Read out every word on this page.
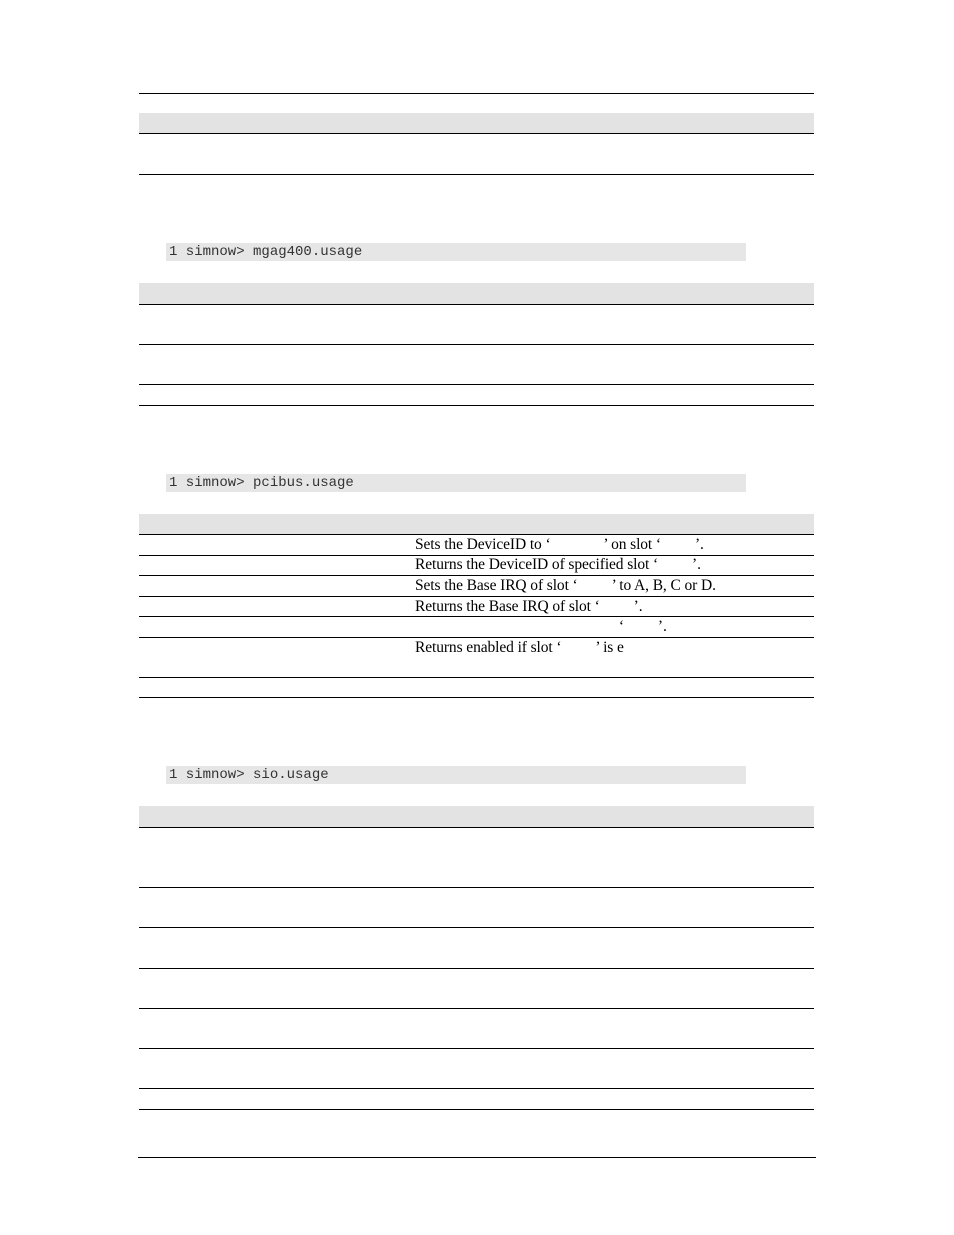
1 simnow> mgag400.usage
1 simnow> pcibus.usage
Sets the DeviceID to ‘              ’ on slot ‘         ’.
Returns the DeviceID of specified slot ‘         ’.
Sets the Base IRQ of slot ‘         ’ to A, B, C or D.
Returns the Base IRQ of slot ‘         ’.
‘         ’.
Returns enabled if slot ‘         ’ is e
1 simnow> sio.usage
